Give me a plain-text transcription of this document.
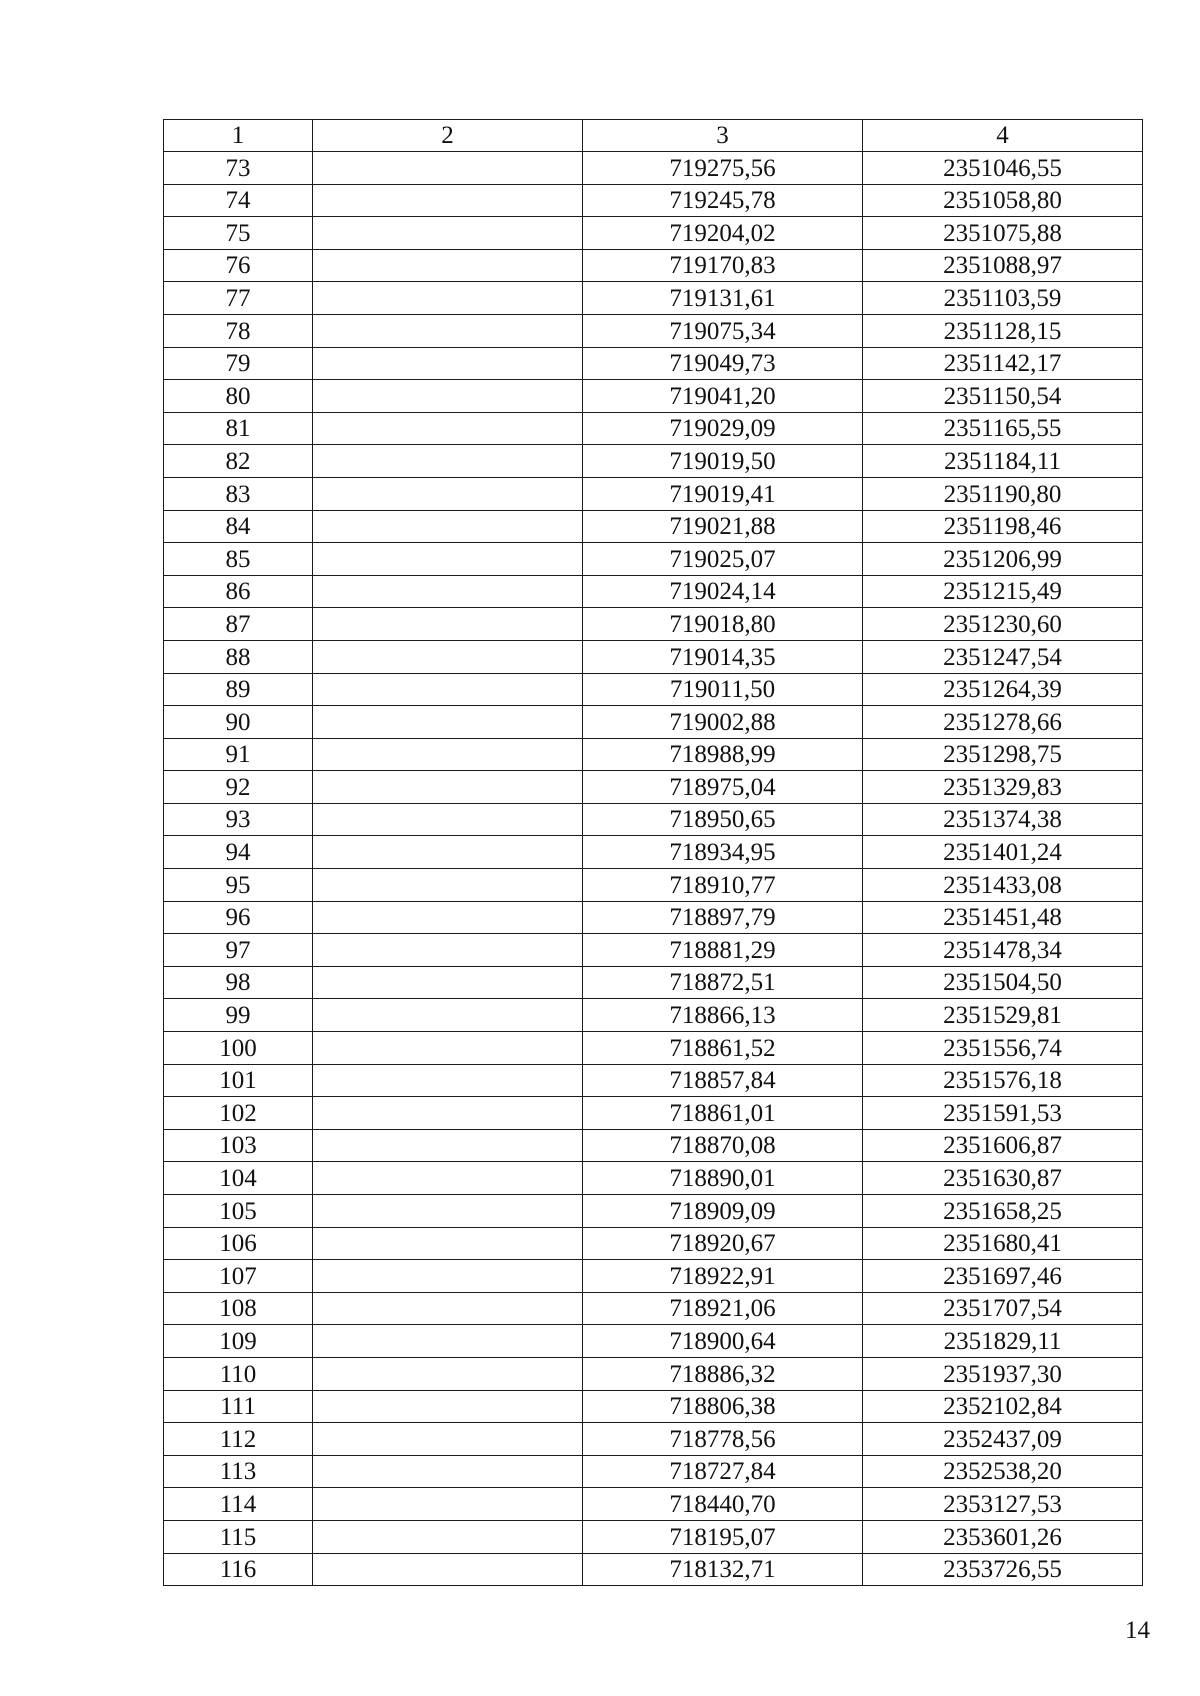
1	2	3	4
73		719275,56	2351046,55
74		719245,78	2351058,80
75		719204,02	2351075,88
76		719170,83	2351088,97
77		719131,61	2351103,59
78		719075,34	2351128,15
79		719049,73	2351142,17
80		719041,20	2351150,54
81		719029,09	2351165,55
82		719019,50	2351184,11
83		719019,41	2351190,80
84		719021,88	2351198,46
85		719025,07	2351206,99
86		719024,14	2351215,49
87		719018,80	2351230,60
88		719014,35	2351247,54
89		719011,50	2351264,39
90		719002,88	2351278,66
91		718988,99	2351298,75
92		718975,04	2351329,83
93		718950,65	2351374,38
94		718934,95	2351401,24
95		718910,77	2351433,08
96		718897,79	2351451,48
97		718881,29	2351478,34
98		718872,51	2351504,50
99		718866,13	2351529,81
100		718861,52	2351556,74
101		718857,84	2351576,18
102		718861,01	2351591,53
103		718870,08	2351606,87
104		718890,01	2351630,87
105		718909,09	2351658,25
106		718920,67	2351680,41
107		718922,91	2351697,46
108		718921,06	2351707,54
109		718900,64	2351829,11
110		718886,32	2351937,30
111		718806,38	2352102,84
112		718778,56	2352437,09
113		718727,84	2352538,20
114		718440,70	2353127,53
115		718195,07	2353601,26
116		718132,71	2353726,55
14
